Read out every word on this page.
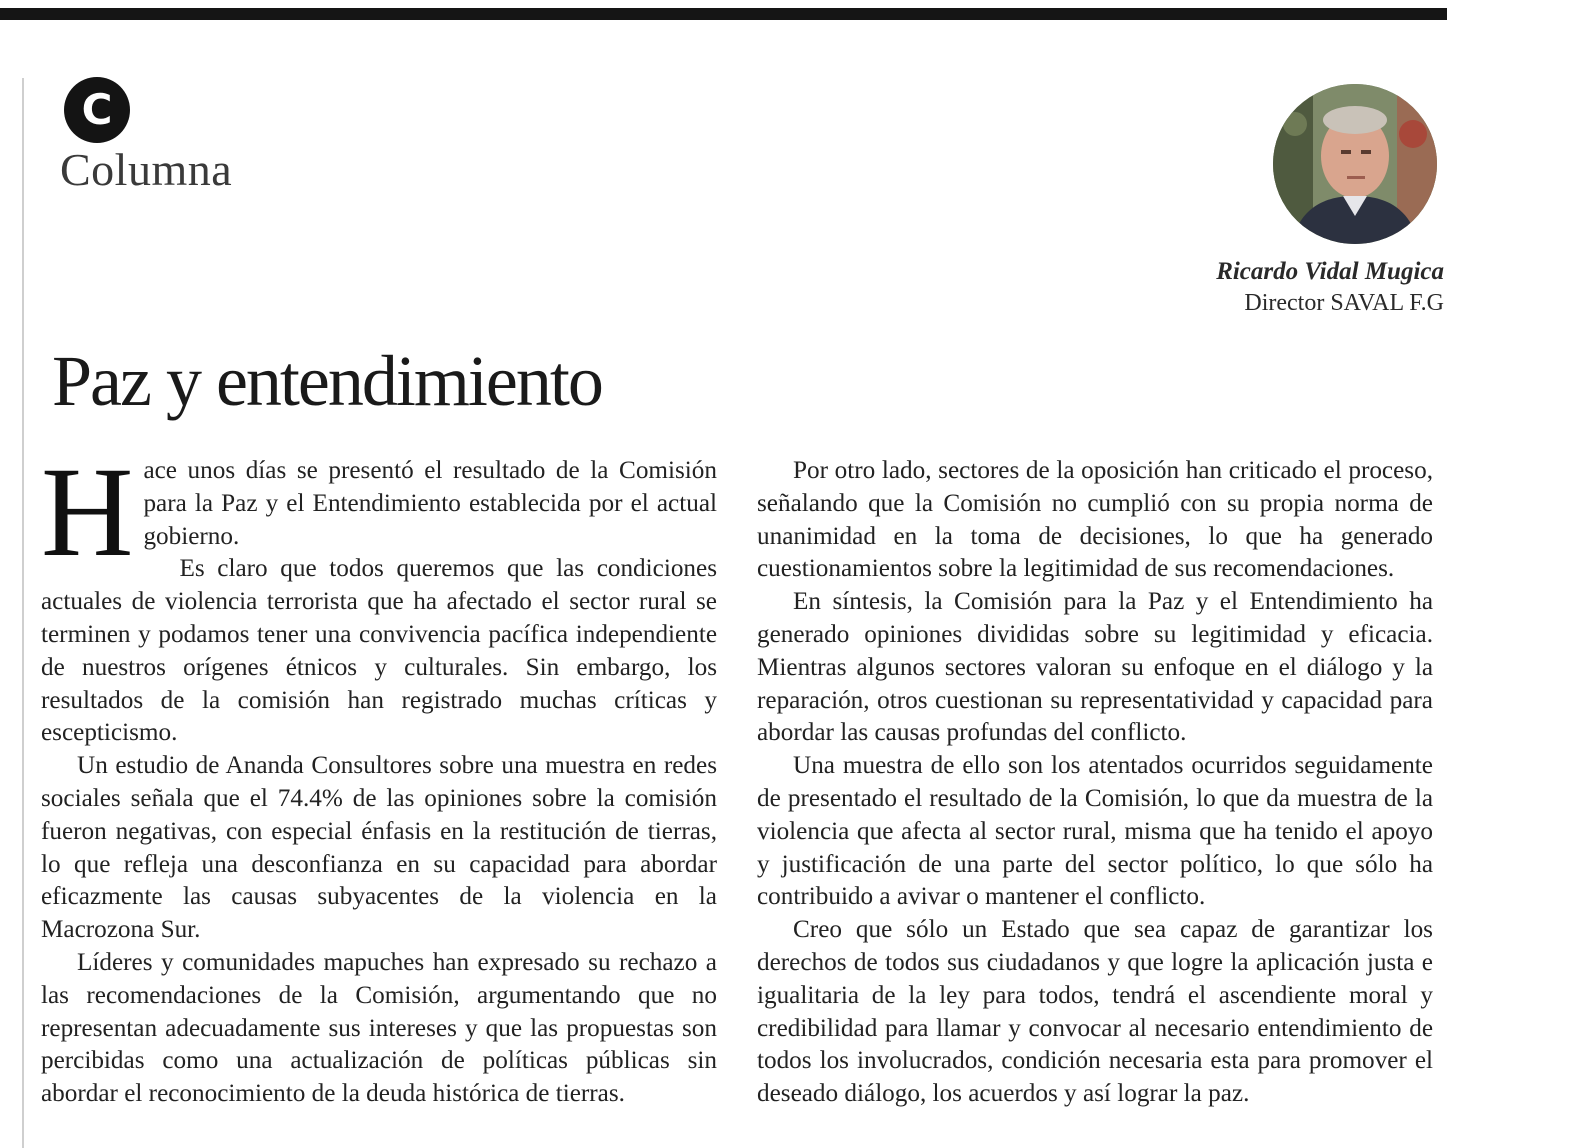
C
Columna
Ricardo Vidal Mugica
Director SAVAL F.G
Paz y entendimiento

Hace unos días se presentó el resultado de la Comisión para la Paz y el Entendimiento establecida por el actual gobierno.

Es claro que todos queremos que las condiciones actuales de violencia terrorista que ha afectado el sector rural se terminen y podamos tener una convivencia pacífica independiente de nuestros orígenes étnicos y culturales. Sin embargo, los resultados de la comisión han registrado muchas críticas y escepticismo.

Un estudio de Ananda Consultores sobre una muestra en redes sociales señala que el 74.4% de las opiniones sobre la comisión fueron negativas, con especial énfasis en la restitución de tierras, lo que refleja una desconfianza en su capacidad para abordar eficazmente las causas subyacentes de la violencia en la Macrozona Sur.

Líderes y comunidades mapuches han expresado su rechazo a las recomendaciones de la Comisión, argumentando que no representan adecuadamente sus intereses y que las propuestas son percibidas como una actualización de políticas públicas sin abordar el reconocimiento de la deuda histórica de tierras.

Por otro lado, sectores de la oposición han criticado el proceso, señalando que la Comisión no cumplió con su propia norma de unanimidad en la toma de decisiones, lo que ha generado cuestionamientos sobre la legitimidad de sus recomendaciones.

En síntesis, la Comisión para la Paz y el Entendimiento ha generado opiniones divididas sobre su legitimidad y eficacia. Mientras algunos sectores valoran su enfoque en el diálogo y la reparación, otros cuestionan su representatividad y capacidad para abordar las causas profundas del conflicto.

Una muestra de ello son los atentados ocurridos seguidamente de presentado el resultado de la Comisión, lo que da muestra de la violencia que afecta al sector rural, misma que ha tenido el apoyo y justificación de una parte del sector político, lo que sólo ha contribuido a avivar o mantener el conflicto.

Creo que sólo un Estado que sea capaz de garantizar los derechos de todos sus ciudadanos y que logre la aplicación justa e igualitaria de la ley para todos, tendrá el ascendiente moral y credibilidad para llamar y convocar al necesario entendimiento de todos los involucrados, condición necesaria esta para promover el deseado diálogo, los acuerdos y así lograr la paz.
